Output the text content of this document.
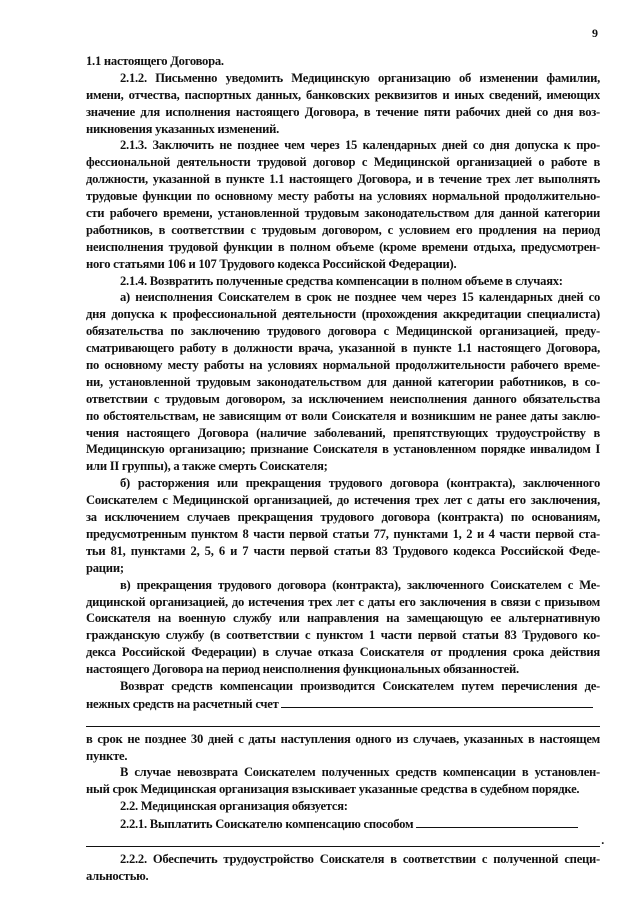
9
1.1 настоящего Договора.
2.1.2. Письменно уведомить Медицинскую организацию об изменении фамилии,
имени, отчества, паспортных данных, банковских реквизитов и иных сведений, имеющих
значение для исполнения настоящего Договора, в течение пяти рабочих дней со дня воз-
никновения указанных изменений.
2.1.3. Заключить не позднее чем через 15 календарных дней со дня допуска к про-
фессиональной деятельности трудовой договор с Медицинской организацией о работе в
должности, указанной в пункте 1.1 настоящего Договора, и в течение трех лет выполнять
трудовые функции по основному месту работы на условиях нормальной продолжительно-
сти рабочего времени, установленной трудовым законодательством для данной категории
работников, в соответствии с трудовым договором, с условием его продления на период
неисполнения трудовой функции в полном объеме (кроме времени отдыха, предусмотрен-
ного статьями 106 и 107 Трудового кодекса Российской Федерации).
2.1.4. Возвратить полученные средства компенсации в полном объеме в случаях:
а) неисполнения Соискателем в срок не позднее чем через 15 календарных дней со
дня допуска к профессиональной деятельности (прохождения аккредитации специалиста)
обязательства по заключению трудового договора с Медицинской организацией, преду-
сматривающего работу в должности врача, указанной в пункте 1.1 настоящего Договора,
по основному месту работы на условиях нормальной продолжительности рабочего време-
ни, установленной трудовым законодательством для данной категории работников, в со-
ответствии с трудовым договором, за исключением неисполнения данного обязательства
по обстоятельствам, не зависящим от воли Соискателя и возникшим не ранее даты заклю-
чения настоящего Договора (наличие заболеваний, препятствующих трудоустройству в
Медицинскую организацию; признание Соискателя в установленном порядке инвалидом I
или II группы), а также смерть Соискателя;
б) расторжения или прекращения трудового договора (контракта), заключенного
Соискателем с Медицинской организацией, до истечения трех лет с даты его заключения,
за исключением случаев прекращения трудового договора (контракта) по основаниям,
предусмотренным пунктом 8 части первой статьи 77, пунктами 1, 2 и 4 части первой ста-
тьи 81, пунктами 2, 5, 6 и 7 части первой статьи 83 Трудового кодекса Российской Феде-
рации;
в) прекращения трудового договора (контракта), заключенного Соискателем с Ме-
дицинской организацией, до истечения трех лет с даты его заключения в связи с призывом
Соискателя на военную службу или направления на замещающую ее альтернативную
гражданскую службу (в соответствии с пунктом 1 части первой статьи 83 Трудового ко-
декса Российской Федерации) в случае отказа Соискателя от продления срока действия
настоящего Договора на период неисполнения функциональных обязанностей.
Возврат средств компенсации производится Соискателем путем перечисления де-
нежных средств на расчетный счет
в срок не позднее 30 дней с даты наступления одного из случаев, указанных в настоящем
пункте.
В случае невозврата Соискателем полученных средств компенсации в установлен-
ный срок Медицинская организация взыскивает указанные средства в судебном порядке.
2.2. Медицинская организация обязуется:
2.2.1. Выплатить Соискателю компенсацию способом
.
2.2.2. Обеспечить трудоустройство Соискателя в соответствии с полученной специ-
альностью.
